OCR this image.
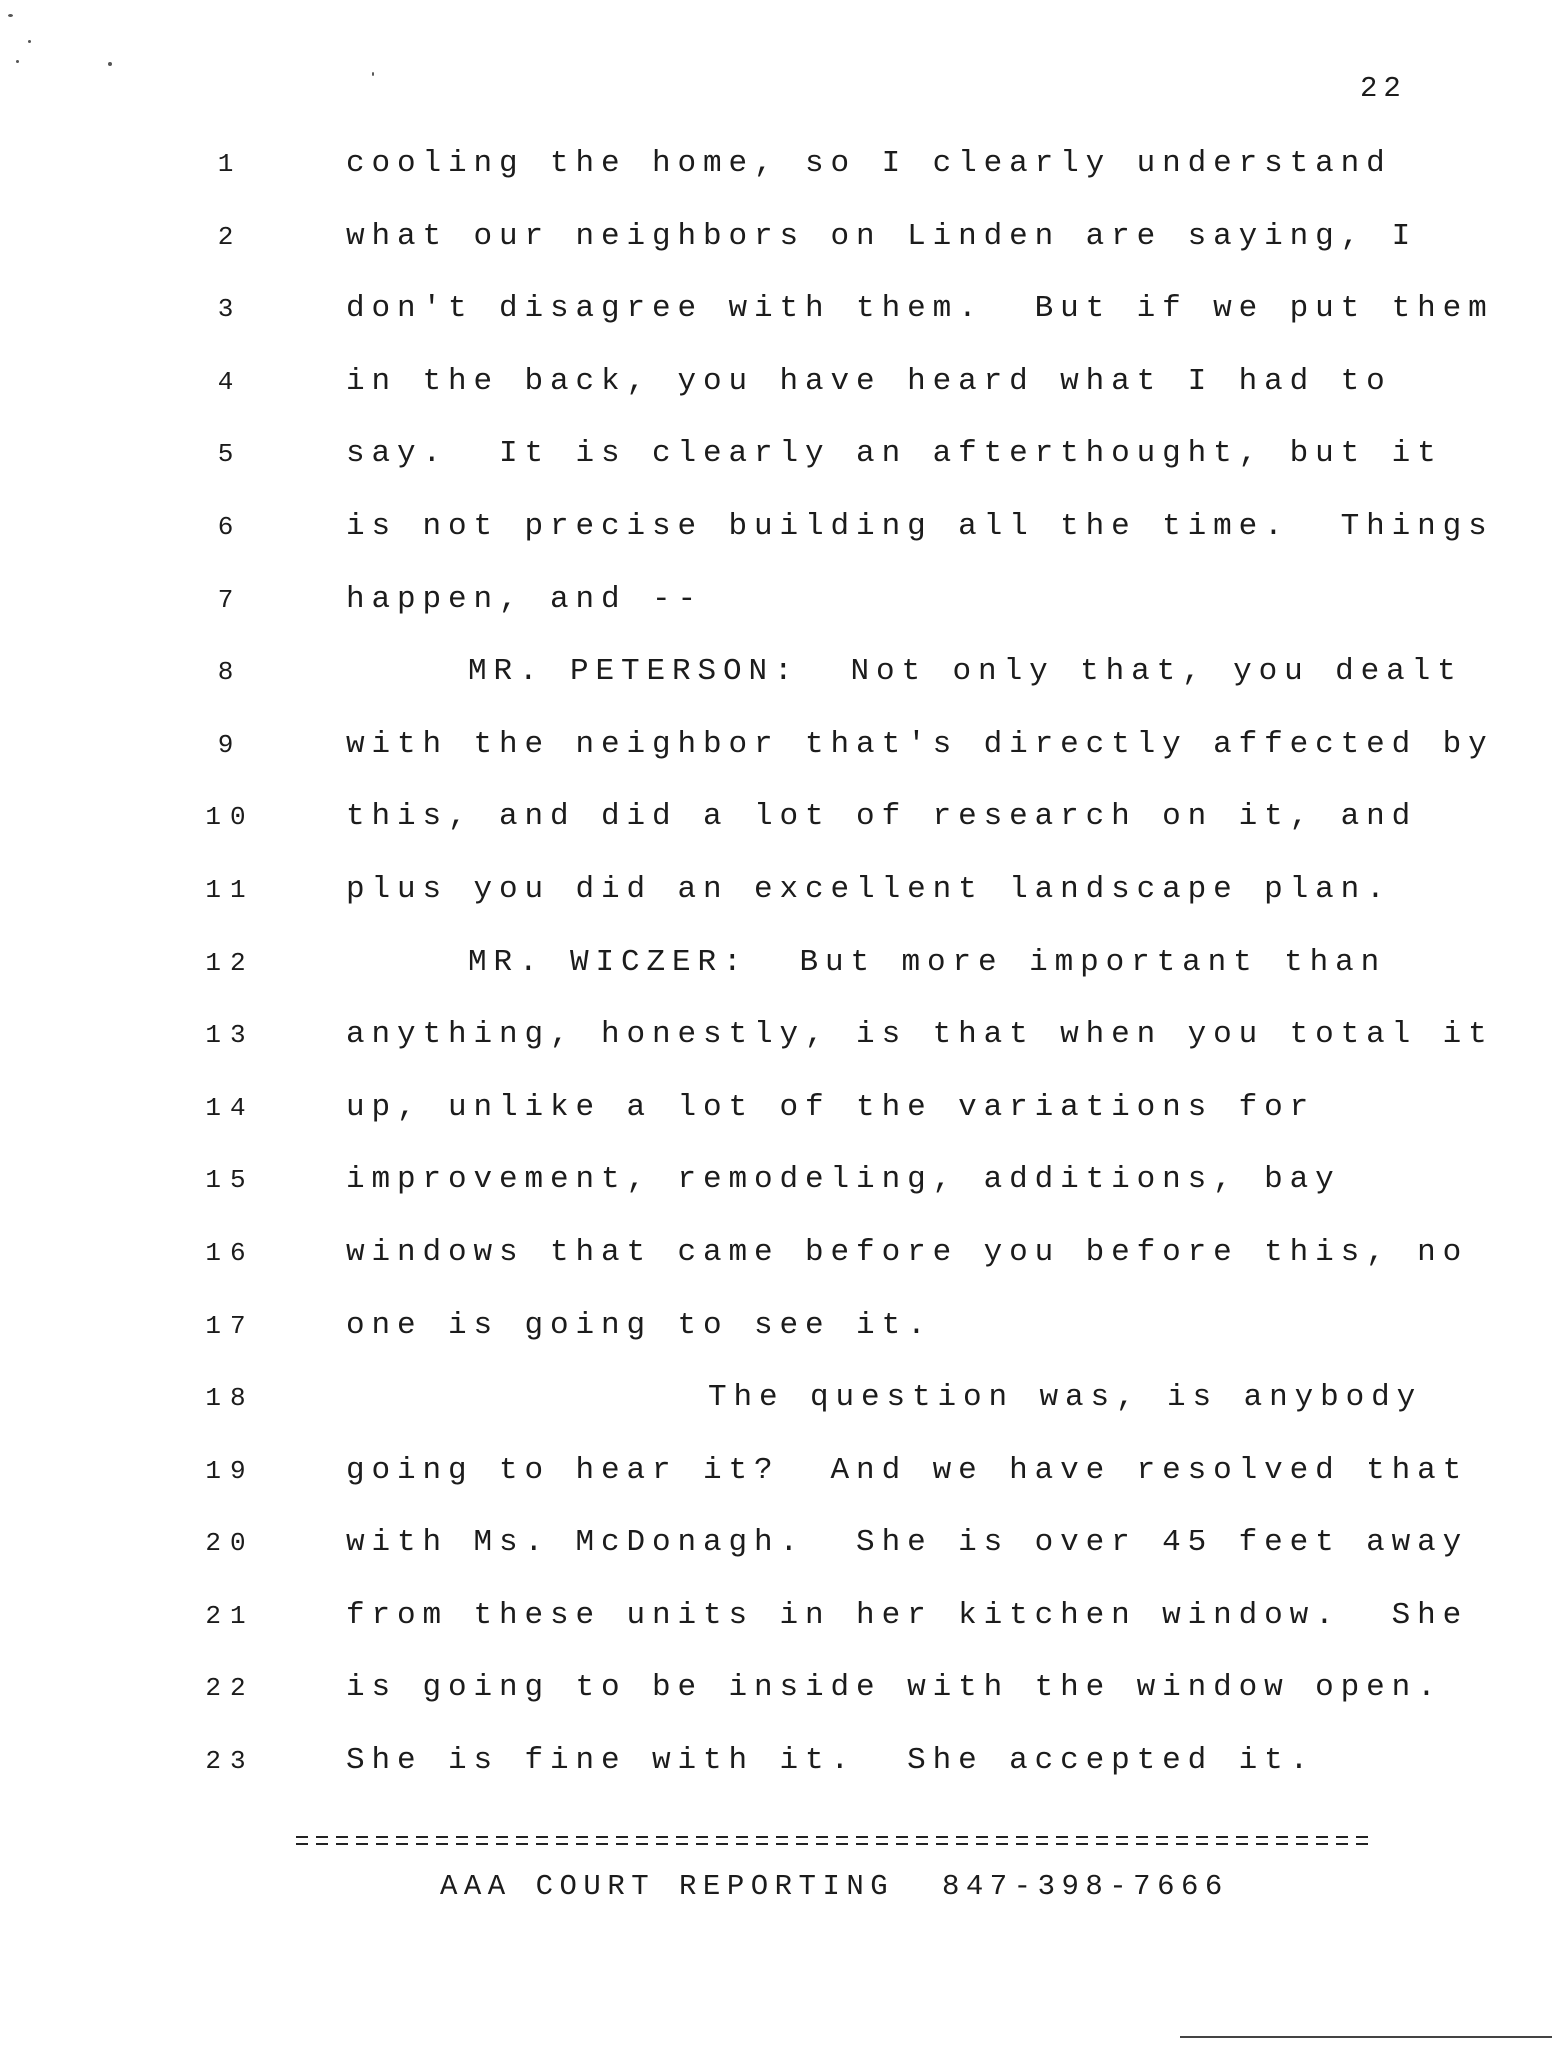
22
1	cooling the home, so I clearly understand
2	what our neighbors on Linden are saying, I
3	don't disagree with them.  But if we put them
4	in the back, you have heard what I had to
5	say.  It is clearly an afterthought, but it
6	is not precise building all the time.  Things
7	happen, and --
8	MR. PETERSON:  Not only that, you dealt
9	with the neighbor that's directly affected by
10	this, and did a lot of research on it, and
11	plus you did an excellent landscape plan.
12	MR. WICZER:  But more important than
13	anything, honestly, is that when you total it
14	up, unlike a lot of the variations for
15	improvement, remodeling, additions, bay
16	windows that came before you before this, no
17	one is going to see it.
18	The question was, is anybody
19	going to hear it?  And we have resolved that
20	with Ms. McDonagh.  She is over 45 feet away
21	from these units in her kitchen window.  She
22	is going to be inside with the window open.
23	She is fine with it.  She accepted it.
AAA COURT REPORTING  847-398-7666
